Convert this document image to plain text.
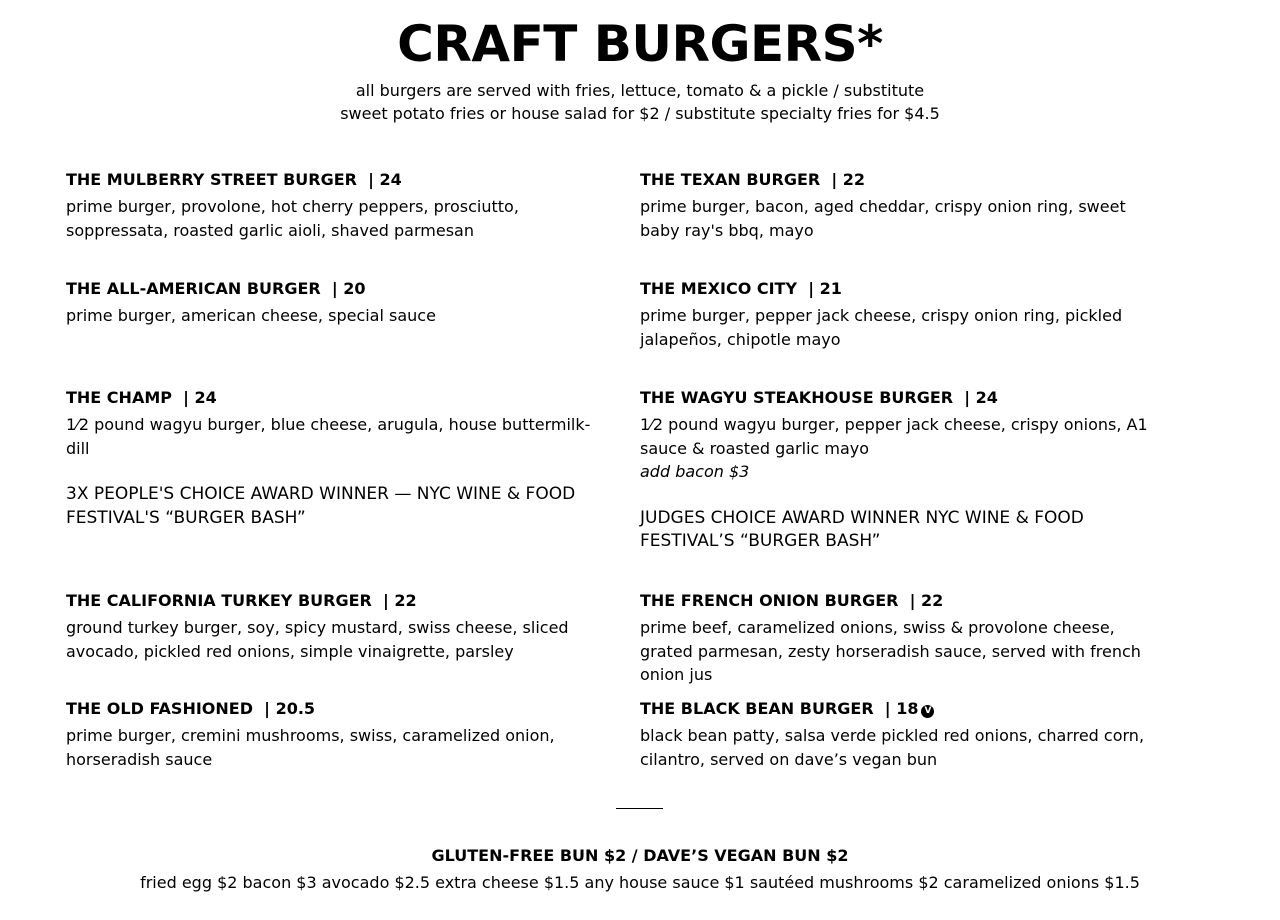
CRAFT BURGERS*
all burgers are served with fries, lettuce, tomato & a pickle / substitute
sweet potato fries or house salad for $2 / substitute specialty fries for $4.5
THE MULBERRY STREET BURGER | 24
prime burger, provolone, hot cherry peppers, prosciutto, soppressata, roasted garlic aioli, shaved parmesan
THE ALL-AMERICAN BURGER | 20
prime burger, american cheese, special sauce
THE CHAMP | 24
1⁄2 pound wagyu burger, blue cheese, arugula, house buttermilk-dill
3X PEOPLE'S CHOICE AWARD WINNER — NYC WINE & FOOD FESTIVAL'S “BURGER BASH”
THE CALIFORNIA TURKEY BURGER | 22
ground turkey burger, soy, spicy mustard, swiss cheese, sliced avocado, pickled red onions, simple vinaigrette, parsley
THE OLD FASHIONED | 20.5
prime burger, cremini mushrooms, swiss, caramelized onion, horseradish sauce
THE TEXAN BURGER | 22
prime burger, bacon, aged cheddar, crispy onion ring, sweet baby ray's bbq, mayo
THE MEXICO CITY | 21
prime burger, pepper jack cheese, crispy onion ring, pickled jalapeños, chipotle mayo
THE WAGYU STEAKHOUSE BURGER | 24
1⁄2 pound wagyu burger, pepper jack cheese, crispy onions, A1 sauce & roasted garlic mayo
add bacon $3
JUDGES CHOICE AWARD WINNER NYC WINE & FOOD FESTIVAL’S “BURGER BASH”
THE FRENCH ONION BURGER | 22
prime beef, caramelized onions, swiss & provolone cheese, grated parmesan, zesty horseradish sauce, served with french onion jus
THE BLACK BEAN BURGER | 18 V
black bean patty, salsa verde pickled red onions, charred corn, cilantro, served on dave’s vegan bun
GLUTEN-FREE BUN $2 / DAVE’S VEGAN BUN $2
fried egg $2 bacon $3 avocado $2.5 extra cheese $1.5 any house sauce $1 sautéed mushrooms $2 caramelized onions $1.5
